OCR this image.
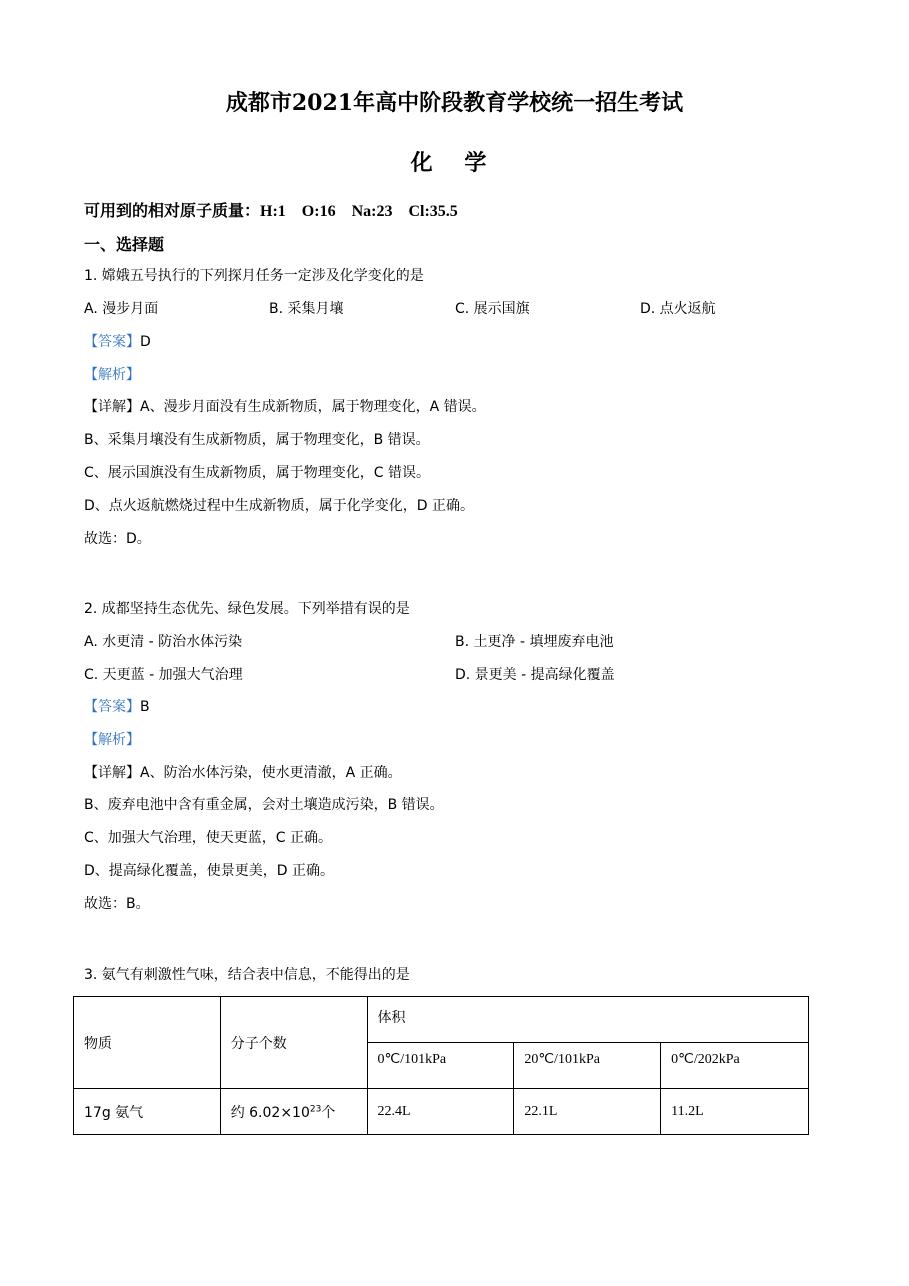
成都市2021年高中阶段教育学校统一招生考试
化 学
可用到的相对原子质量：H:1 O:16 Na:23 Cl:35.5
一、选择题
1. 嫦娥五号执行的下列探月任务一定涉及化学变化的是
A. 漫步月面	B. 采集月壤	C. 展示国旗	D. 点火返航
【答案】D
【解析】
【详解】A、漫步月面没有生成新物质，属于物理变化，A 错误。
B、采集月壤没有生成新物质，属于物理变化，B 错误。
C、展示国旗没有生成新物质，属于物理变化，C 错误。
D、点火返航燃烧过程中生成新物质，属于化学变化，D 正确。
故选：D。
2. 成都坚持生态优先、绿色发展。下列举措有误的是
A. 水更清 - 防治水体污染	B. 土更净 - 填埋废弃电池
C. 天更蓝 - 加强大气治理	D. 景更美 - 提高绿化覆盖
【答案】B
【解析】
【详解】A、防治水体污染，使水更清澈，A 正确。
B、废弃电池中含有重金属，会对土壤造成污染，B 错误。
C、加强大气治理，使天更蓝，C 正确。
D、提高绿化覆盖，使景更美，D 正确。
故选：B。
3. 氨气有刺激性气味，结合表中信息，不能得出的是
物质	分子个数	体积		
		0℃/101kPa	20℃/101kPa	0℃/202kPa
17g 氨气	约 $6.02\times 10^{23}$个	22.4L	22.1L	11.2L
